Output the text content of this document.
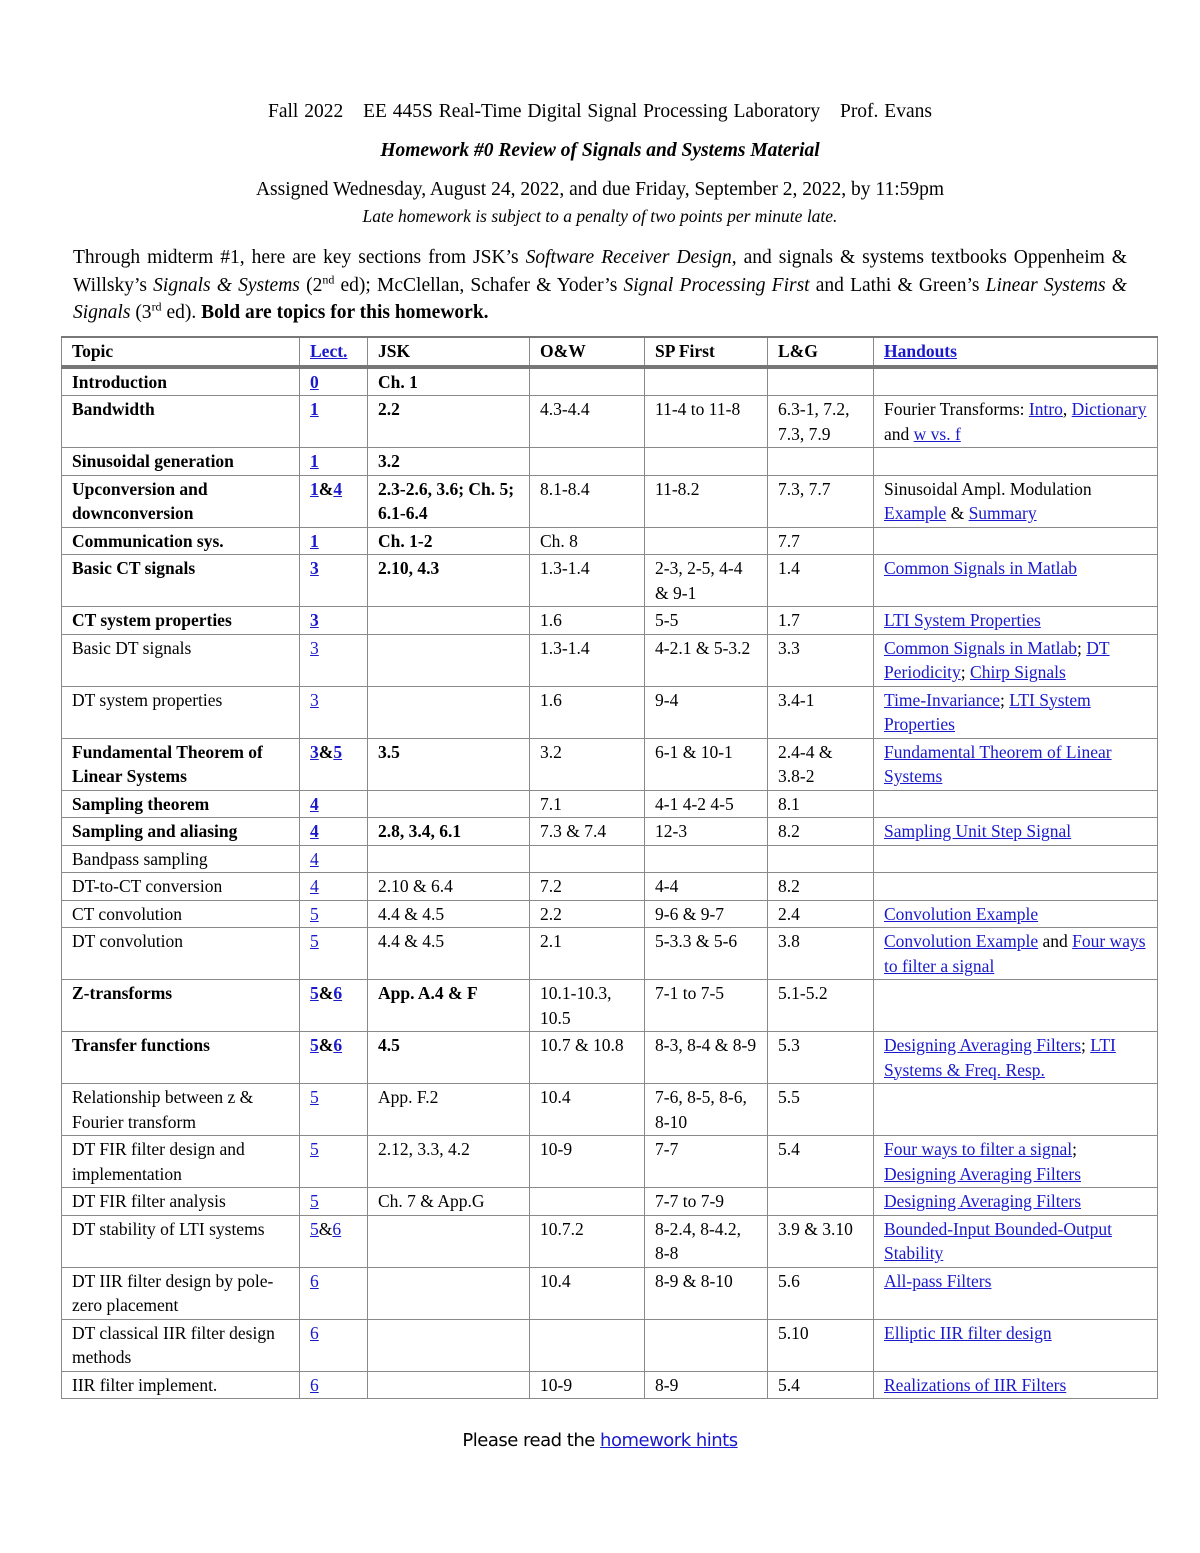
Fall 2022 EE 445S Real-Time Digital Signal Processing Laboratory Prof. Evans
Homework #0 Review of Signals and Systems Material
Assigned Wednesday, August 24, 2022, and due Friday, September 2, 2022, by 11:59pm
Late homework is subject to a penalty of two points per minute late.

Through midterm #1, here are key sections from JSK’s Software Receiver Design, and signals & systems textbooks Oppenheim & Willsky’s Signals & Systems (2nd ed); McClellan, Schafer & Yoder’s Signal Processing First and Lathi & Green’s Linear Systems & Signals (3rd ed). Bold are topics for this homework.

Topic	Lect.	JSK	O&W	SP First	L&G	Handouts
Introduction	0	Ch. 1				
Bandwidth	1	2.2	4.3-4.4	11-4 to 11-8	6.3-1, 7.2, 7.3, 7.9	Fourier Transforms: Intro, Dictionary and w vs. f
Sinusoidal generation	1	3.2				
Upconversion and downconversion	1&4	2.3-2.6, 3.6; Ch. 5; 6.1-6.4	8.1-8.4	11-8.2	7.3, 7.7	Sinusoidal Ampl. Modulation Example & Summary
Communication sys.	1	Ch. 1-2	Ch. 8		7.7	
Basic CT signals	3	2.10, 4.3	1.3-1.4	2-3, 2-5, 4-4 & 9-1	1.4	Common Signals in Matlab
CT system properties	3		1.6	5-5	1.7	LTI System Properties
Basic DT signals	3		1.3-1.4	4-2.1 & 5-3.2	3.3	Common Signals in Matlab; DT Periodicity; Chirp Signals
DT system properties	3		1.6	9-4	3.4-1	Time-Invariance; LTI System Properties
Fundamental Theorem of Linear Systems	3&5	3.5	3.2	6-1 & 10-1	2.4-4 & 3.8-2	Fundamental Theorem of Linear Systems
Sampling theorem	4		7.1	4-1 4-2 4-5	8.1	
Sampling and aliasing	4	2.8, 3.4, 6.1	7.3 & 7.4	12-3	8.2	Sampling Unit Step Signal
Bandpass sampling	4					
DT-to-CT conversion	4	2.10 & 6.4	7.2	4-4	8.2	
CT convolution	5	4.4 & 4.5	2.2	9-6 & 9-7	2.4	Convolution Example
DT convolution	5	4.4 & 4.5	2.1	5-3.3 & 5-6	3.8	Convolution Example and Four ways to filter a signal
Z-transforms	5&6	App. A.4 & F	10.1-10.3, 10.5	7-1 to 7-5	5.1-5.2	
Transfer functions	5&6	4.5	10.7 & 10.8	8-3, 8-4 & 8-9	5.3	Designing Averaging Filters; LTI Systems & Freq. Resp.
Relationship between z & Fourier transform	5	App. F.2	10.4	7-6, 8-5, 8-6, 8-10	5.5	
DT FIR filter design and implementation	5	2.12, 3.3, 4.2	10-9	7-7	5.4	Four ways to filter a signal; Designing Averaging Filters
DT FIR filter analysis	5	Ch. 7 & App.G		7-7 to 7-9		Designing Averaging Filters
DT stability of LTI systems	5&6		10.7.2	8-2.4, 8-4.2, 8-8	3.9 & 3.10	Bounded-Input Bounded-Output Stability
DT IIR filter design by pole-zero placement	6		10.4	8-9 & 8-10	5.6	All-pass Filters
DT classical IIR filter design methods	6				5.10	Elliptic IIR filter design
IIR filter implement.	6		10-9	8-9	5.4	Realizations of IIR Filters

Please read the homework hints
